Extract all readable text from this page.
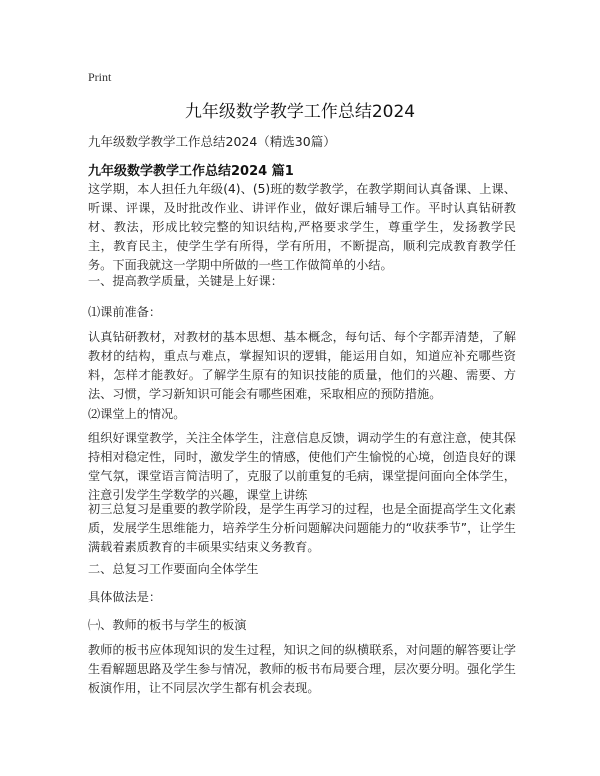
Print
九年级数学教学工作总结2024
九年级数学教学工作总结2024（精选30篇）
九年级数学教学工作总结2024 篇1

这学期，本人担任九年级(4)、(5)班的数学教学，在教学期间认真备课、上课、听课、评课，及时批改作业、讲评作业，做好课后辅导工作。平时认真钻研教材、教法，形成比较完整的知识结构,严格要求学生，尊重学生，发扬教学民主，教育民主，使学生学有所得，学有所用，不断提高，顺利完成教育教学任务。下面我就这一学期中所做的一些工作做简单的小结。

一、提高教学质量，关键是上好课：

⑴课前准备：

认真钻研教材，对教材的基本思想、基本概念，每句话、每个字都弄清楚，了解教材的结构，重点与难点，掌握知识的逻辑，能运用自如，知道应补充哪些资料，怎样才能教好。了解学生原有的知识技能的质量，他们的兴趣、需要、方法、习惯，学习新知识可能会有哪些困难，采取相应的预防措施。

⑵课堂上的情况。

组织好课堂教学，关注全体学生，注意信息反馈，调动学生的有意注意，使其保持相对稳定性，同时，激发学生的情感，使他们产生愉悦的心境，创造良好的课堂气氛，课堂语言简洁明了，克服了以前重复的毛病，课堂提问面向全体学生，注意引发学生学数学的兴趣，课堂上讲练

初三总复习是重要的教学阶段，是学生再学习的过程，也是全面提高学生文化素质，发展学生思维能力，培养学生分析问题解决问题能力的“收获季节”，让学生满载着素质教育的丰硕果实结束义务教育。

二、总复习工作要面向全体学生

具体做法是：

㈠、教师的板书与学生的板演

教师的板书应体现知识的发生过程，知识之间的纵横联系，对问题的解答要让学生看解题思路及学生参与情况，教师的板书布局要合理，层次要分明。强化学生板演作用，让不同层次学生都有机会表现。
